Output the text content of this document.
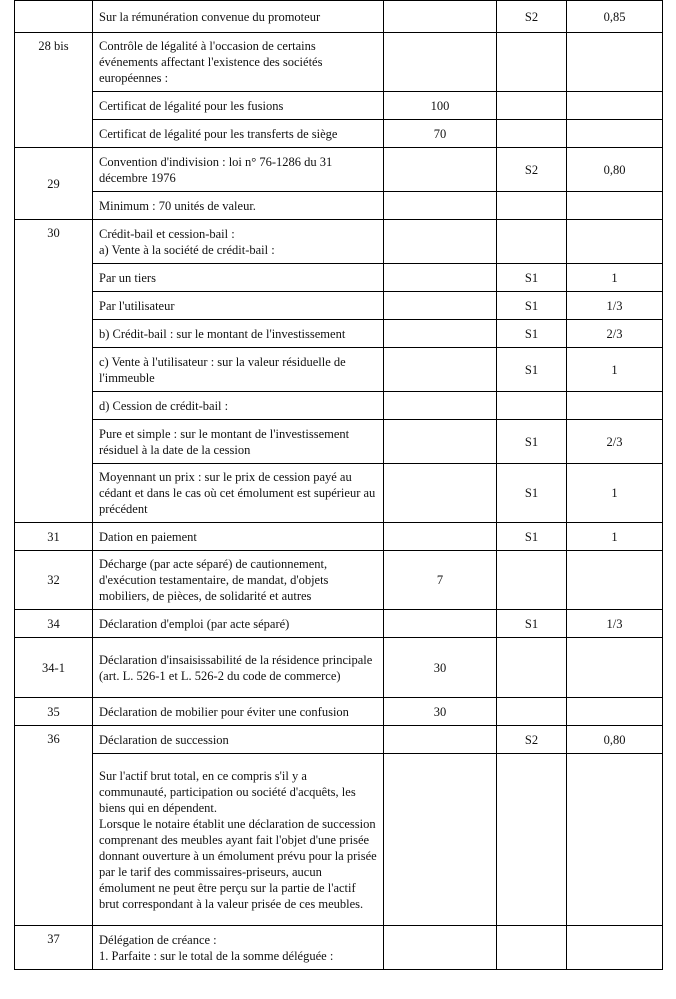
	Sur la rémunération convenue du promoteur		S2	0,85
28 bis	Contrôle de légalité à l'occasion de certains événements affectant l'existence des sociétés européennes :			
	Certificat de légalité pour les fusions	100		
	Certificat de légalité pour les transferts de siège	70		
29	Convention d'indivision : loi n° 76-1286 du 31 décembre 1976		S2	0,80
	Minimum : 70 unités de valeur.			
30	Crédit-bail et cession-bail :
a) Vente à la société de crédit-bail :			
	Par un tiers		S1	1
	Par l'utilisateur		S1	1/3
	b) Crédit-bail : sur le montant de l'investissement		S1	2/3
	c) Vente à l'utilisateur : sur la valeur résiduelle de l'immeuble		S1	1
	d) Cession de crédit-bail :			
	Pure et simple : sur le montant de l'investissement résiduel à la date de la cession		S1	2/3
	Moyennant un prix : sur le prix de cession payé au cédant et dans le cas où cet émolument est supérieur au précédent		S1	1
31	Dation en paiement		S1	1
32	Décharge (par acte séparé) de cautionnement, d'exécution testamentaire, de mandat, d'objets mobiliers, de pièces, de solidarité et autres	7		
34	Déclaration d'emploi (par acte séparé)		S1	1/3
34-1	Déclaration d'insaisissabilité de la résidence principale (art. L. 526-1 et L. 526-2 du code de commerce)	30		
35	Déclaration de mobilier pour éviter une confusion	30		
36	Déclaration de succession		S2	0,80
	Sur l'actif brut total, en ce compris s'il y a communauté, participation ou société d'acquêts, les biens qui en dépendent.
Lorsque le notaire établit une déclaration de succession comprenant des meubles ayant fait l'objet d'une prisée donnant ouverture à un émolument prévu pour la prisée par le tarif des commissaires-priseurs, aucun émolument ne peut être perçu sur la partie de l'actif brut correspondant à la valeur prisée de ces meubles.			
37	Délégation de créance :
1. Parfaite : sur le total de la somme déléguée :			
